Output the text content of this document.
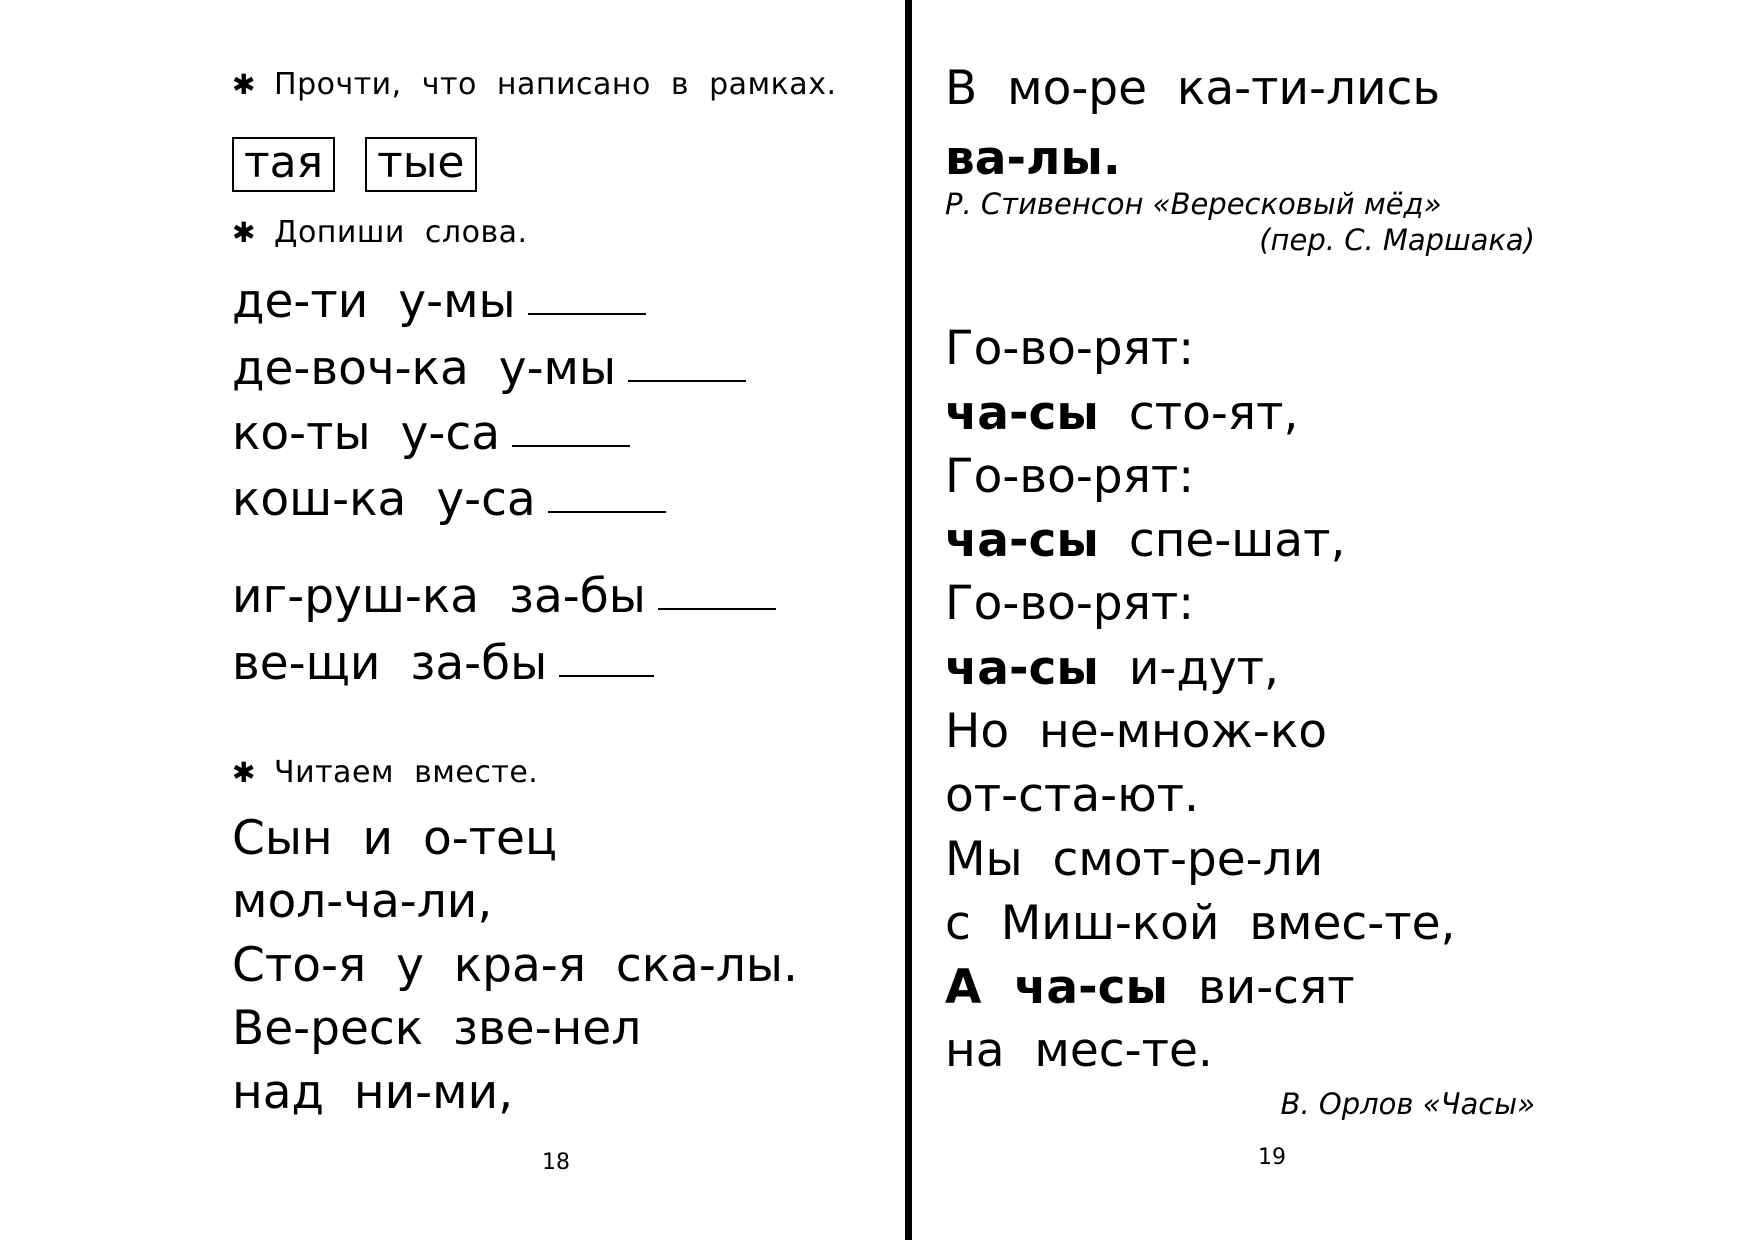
✱ Прочти, что написано в рамках.
тая тые
✱ Допиши слова.
де-ти у-мы
де-воч-ка у-мы
ко-ты у-са
кош-ка у-са
иг-руш-ка за-бы
ве-щи за-бы
✱ Читаем вместе.
Сын  и  о-тец
мол-ча-ли,
Сто-я  у  кра-я  ска-лы.
Ве-реск  зве-нел
над  ни-ми,
18
В  мо-ре  ка-ти-лись
ва-лы.
Р. Стивенсон «Вересковый мёд»
(пер. С. Маршака)
Го-во-рят:
ча-сы сто-ят,
Го-во-рят:
ча-сы спе-шат,
Го-во-рят:
ча-сы и-дут,
Но  не-множ-ко
от-ста-ют.
Мы  смот-ре-ли
с  Миш-кой  вмес-те,
А  ча-сы ви-сят
на  мес-те.
В. Орлов «Часы»
19
